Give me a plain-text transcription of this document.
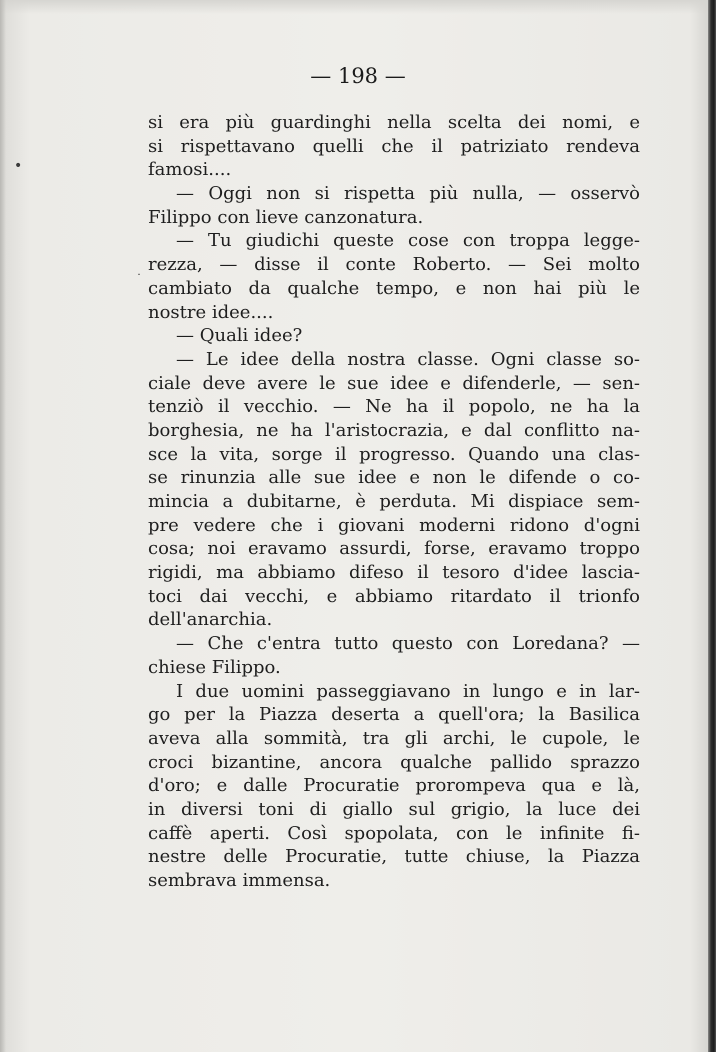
•
˙

— 198 —

si era più guardinghi nella scelta dei nomi, e
si rispettavano quelli che il patriziato rendeva
famosi....
— Oggi non si rispetta più nulla, — osservò
Filippo con lieve canzonatura.
— Tu giudichi queste cose con troppa legge-
rezza, — disse il conte Roberto. — Sei molto
cambiato da qualche tempo, e non hai più le
nostre idee....
— Quali idee?
— Le idee della nostra classe. Ogni classe so-
ciale deve avere le sue idee e difenderle, — sen-
tenziò il vecchio. — Ne ha il popolo, ne ha la
borghesia, ne ha l'aristocrazia, e dal conflitto na-
sce la vita, sorge il progresso. Quando una clas-
se rinunzia alle sue idee e non le difende o co-
mincia a dubitarne, è perduta. Mi dispiace sem-
pre vedere che i giovani moderni ridono d'ogni
cosa; noi eravamo assurdi, forse, eravamo troppo
rigidi, ma abbiamo difeso il tesoro d'idee lascia-
toci dai vecchi, e abbiamo ritardato il trionfo
dell'anarchia.
— Che c'entra tutto questo con Loredana? —
chiese Filippo.
I due uomini passeggiavano in lungo e in lar-
go per la Piazza deserta a quell'ora; la Basilica
aveva alla sommità, tra gli archi, le cupole, le
croci bizantine, ancora qualche pallido sprazzo
d'oro; e dalle Procuratie prorompeva qua e là,
in diversi toni di giallo sul grigio, la luce dei
caffè aperti. Così spopolata, con le infinite fi-
nestre delle Procuratie, tutte chiuse, la Piazza
sembrava immensa.
